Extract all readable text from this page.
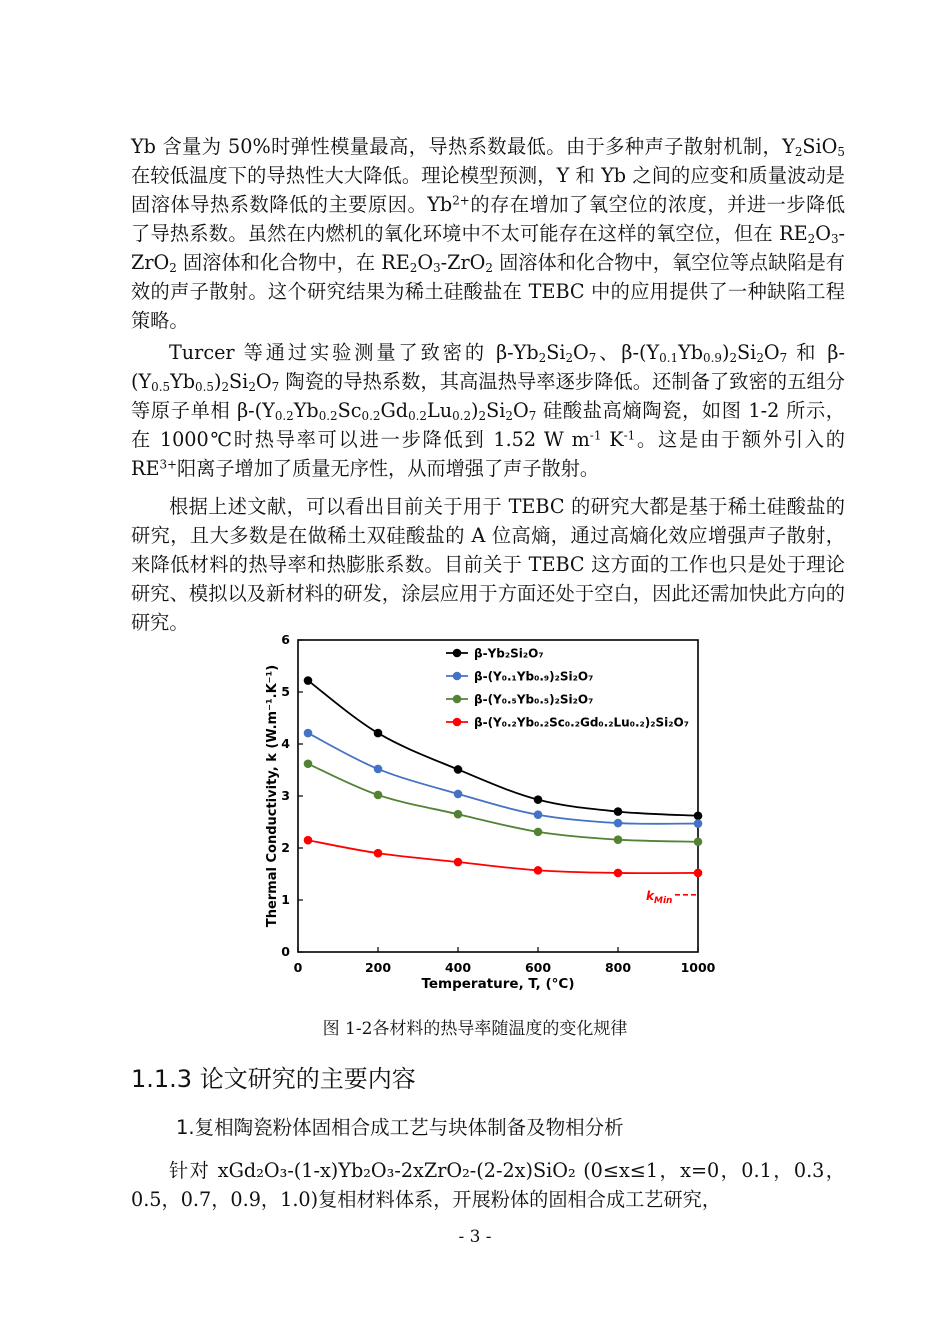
Yb 含量为 50%时弹性模量最高，导热系数最低。由于多种声子散射机制，$Y_2SiO_5$ 在较低温度下的导热性大大降低。理论模型预测，Y 和 Yb 之间的应变和质量波动是固溶体导热系数降低的主要原因。$Yb^{2+}$的存在增加了氧空位的浓度，并进一步降低了导热系数。虽然在内燃机的氧化环境中不太可能存在这样的氧空位，但在 $RE_2O_3-ZrO_2$ 固溶体和化合物中，在 $RE_2O_3-ZrO_2$ 固溶体和化合物中，氧空位等点缺陷是有效的声子散射。这个研究结果为稀土硅酸盐在 TEBC 中的应用提供了一种缺陷工程策略。

Turcer 等通过实验测量了致密的 $\beta-Yb_2Si_2O_7$、$\beta-(Y_{0.1}Yb_{0.9})_2Si_2O_7$ 和 $\beta-(Y_{0.5}Yb_{0.5})_2Si_2O_7$ 陶瓷的导热系数，其高温热导率逐步降低。还制备了致密的五组分等原子单相 $\beta-(Y_{0.2}Yb_{0.2}Sc_{0.2}Gd_{0.2}Lu_{0.2})_2Si_2O_7$ 硅酸盐高熵陶瓷，如图 1-2 所示，在 1000℃时热导率可以进一步降低到 1.52 W $m^{-1}$ $K^{-1}$。这是由于额外引入的 $RE^{3+}$阳离子增加了质量无序性，从而增强了声子散射。

根据上述文献，可以看出目前关于用于 TEBC 的研究大都是基于稀土硅酸盐的研究，且大多数是在做稀土双硅酸盐的 A 位高熵，通过高熵化效应增强声子散射，来降低材料的热导率和热膨胀系数。目前关于 TEBC 这方面的工作也只是处于理论研究、模拟以及新材料的研发，涂层应用于方面还处于空白，因此还需加快此方向的研究。

0	200	400	600	800	1000
0
1
2
3
4
5
6
β-Yb₂Si₂O₇
β-(Y₀.₁Yb₀.₉)₂Si₂O₇
β-(Y₀.₅Yb₀.₅)₂Si₂O₇
β-(Y₀.₂Yb₀.₂Sc₀.₂Gd₀.₂Lu₀.₂)₂Si₂O₇
Temperature, T, (°C)
Thermal Conductivity, k (W.m⁻¹.K⁻¹)	$k_{Min}$
图 1-2各材料的热导率随温度的变化规律
1.1.3 论文研究的主要内容
1.复相陶瓷粉体固相合成工艺与块体制备及物相分析

针对 xGd₂O₃-(1-x)Yb₂O₃-2xZrO₂-(2-2x)SiO₂ (0≤x≤1，x=0，0.1，0.3，0.5，0.7，0.9，1.0)复相材料体系，开展粉体的固相合成工艺研究，

- 3 -
